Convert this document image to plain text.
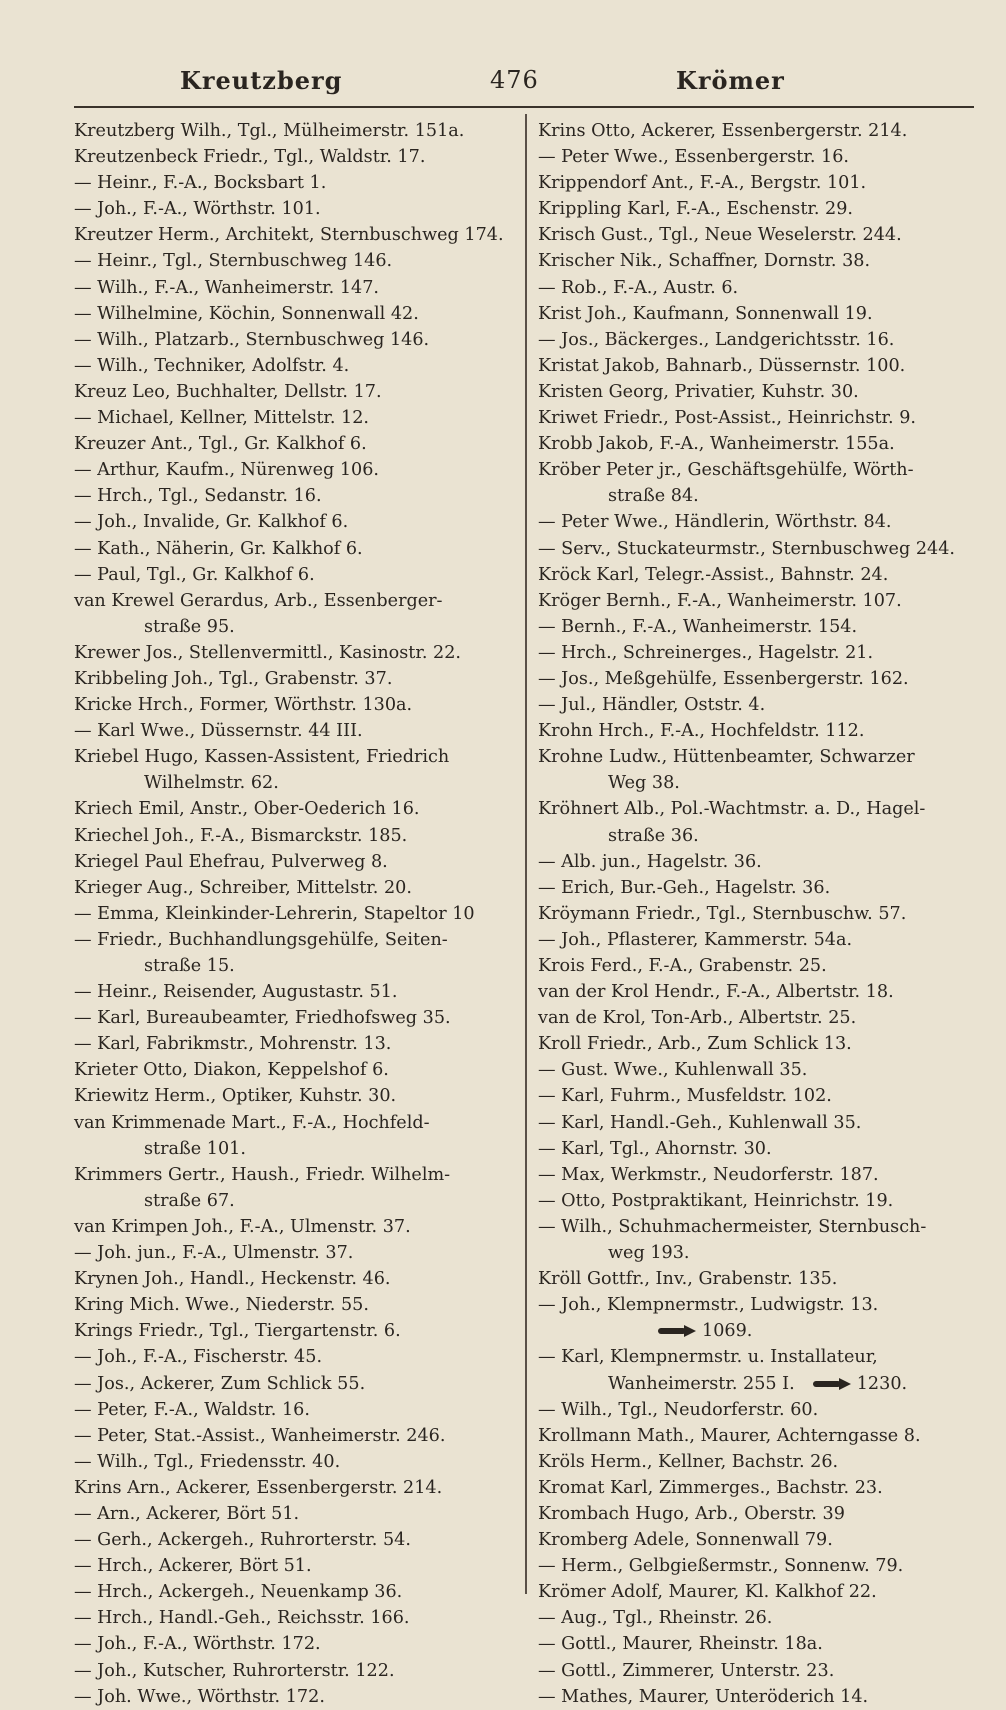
Kreutzberg	476	Krömer
Kreutzberg Wilh., Tgl., Mülheimerstr. 151a.
Kreutzenbeck Friedr., Tgl., Waldstr. 17.
— Heinr., F.-A., Bocksbart 1.
— Joh., F.-A., Wörthstr. 101.
Kreutzer Herm., Architekt, Sternbuschweg 174.
— Heinr., Tgl., Sternbuschweg 146.
— Wilh., F.-A., Wanheimerstr. 147.
— Wilhelmine, Köchin, Sonnenwall 42.
— Wilh., Platzarb., Sternbuschweg 146.
— Wilh., Techniker, Adolfstr. 4.
Kreuz Leo, Buchhalter, Dellstr. 17.
— Michael, Kellner, Mittelstr. 12.
Kreuzer Ant., Tgl., Gr. Kalkhof 6.
— Arthur, Kaufm., Nürenweg 106.
— Hrch., Tgl., Sedanstr. 16.
— Joh., Invalide, Gr. Kalkhof 6.
— Kath., Näherin, Gr. Kalkhof 6.
— Paul, Tgl., Gr. Kalkhof 6.
van Krewel Gerardus, Arb., Essenberger-
straße 95.
Krewer Jos., Stellenvermittl., Kasinostr. 22.
Kribbeling Joh., Tgl., Grabenstr. 37.
Kricke Hrch., Former, Wörthstr. 130a.
— Karl Wwe., Düssernstr. 44 III.
Kriebel Hugo, Kassen-Assistent, Friedrich
Wilhelmstr. 62.
Kriech Emil, Anstr., Ober-Oederich 16.
Kriechel Joh., F.-A., Bismarckstr. 185.
Kriegel Paul Ehefrau, Pulverweg 8.
Krieger Aug., Schreiber, Mittelstr. 20.
— Emma, Kleinkinder-Lehrerin, Stapeltor 10
— Friedr., Buchhandlungsgehülfe, Seiten-
straße 15.
— Heinr., Reisender, Augustastr. 51.
— Karl, Bureaubeamter, Friedhofsweg 35.
— Karl, Fabrikmstr., Mohrenstr. 13.
Krieter Otto, Diakon, Keppelshof 6.
Kriewitz Herm., Optiker, Kuhstr. 30.
van Krimmenade Mart., F.-A., Hochfeld-
straße 101.
Krimmers Gertr., Haush., Friedr. Wilhelm-
straße 67.
van Krimpen Joh., F.-A., Ulmenstr. 37.
— Joh. jun., F.-A., Ulmenstr. 37.
Krynen Joh., Handl., Heckenstr. 46.
Kring Mich. Wwe., Niederstr. 55.
Krings Friedr., Tgl., Tiergartenstr. 6.
— Joh., F.-A., Fischerstr. 45.
— Jos., Ackerer, Zum Schlick 55.
— Peter, F.-A., Waldstr. 16.
— Peter, Stat.-Assist., Wanheimerstr. 246.
— Wilh., Tgl., Friedensstr. 40.
Krins Arn., Ackerer, Essenbergerstr. 214.
— Arn., Ackerer, Bört 51.
— Gerh., Ackergeh., Ruhrorterstr. 54.
— Hrch., Ackerer, Bört 51.
— Hrch., Ackergeh., Neuenkamp 36.
— Hrch., Handl.-Geh., Reichsstr. 166.
— Joh., F.-A., Wörthstr. 172.
— Joh., Kutscher, Ruhrorterstr. 122.
— Joh. Wwe., Wörthstr. 172.
Krins Otto, Ackerer, Essenbergerstr. 214.
— Peter Wwe., Essenbergerstr. 16.
Krippendorf Ant., F.-A., Bergstr. 101.
Krippling Karl, F.-A., Eschenstr. 29.
Krisch Gust., Tgl., Neue Weselerstr. 244.
Krischer Nik., Schaffner, Dornstr. 38.
— Rob., F.-A., Austr. 6.
Krist Joh., Kaufmann, Sonnenwall 19.
— Jos., Bäckerges., Landgerichtsstr. 16.
Kristat Jakob, Bahnarb., Düssernstr. 100.
Kristen Georg, Privatier, Kuhstr. 30.
Kriwet Friedr., Post-Assist., Heinrichstr. 9.
Krobb Jakob, F.-A., Wanheimerstr. 155a.
Kröber Peter jr., Geschäftsgehülfe, Wörth-
straße 84.
— Peter Wwe., Händlerin, Wörthstr. 84.
— Serv., Stuckateurmstr., Sternbuschweg 244.
Kröck Karl, Telegr.-Assist., Bahnstr. 24.
Kröger Bernh., F.-A., Wanheimerstr. 107.
— Bernh., F.-A., Wanheimerstr. 154.
— Hrch., Schreinerges., Hagelstr. 21.
— Jos., Meßgehülfe, Essenbergerstr. 162.
— Jul., Händler, Oststr. 4.
Krohn Hrch., F.-A., Hochfeldstr. 112.
Krohne Ludw., Hüttenbeamter, Schwarzer
Weg 38.
Kröhnert Alb., Pol.-Wachtmstr. a. D., Hagel-
straße 36.
— Alb. jun., Hagelstr. 36.
— Erich, Bur.-Geh., Hagelstr. 36.
Kröymann Friedr., Tgl., Sternbuschw. 57.
— Joh., Pflasterer, Kammerstr. 54a.
Krois Ferd., F.-A., Grabenstr. 25.
van der Krol Hendr., F.-A., Albertstr. 18.
van de Krol, Ton-Arb., Albertstr. 25.
Kroll Friedr., Arb., Zum Schlick 13.
— Gust. Wwe., Kuhlenwall 35.
— Karl, Fuhrm., Musfeldstr. 102.
— Karl, Handl.-Geh., Kuhlenwall 35.
— Karl, Tgl., Ahornstr. 30.
— Max, Werkmstr., Neudorferstr. 187.
— Otto, Postpraktikant, Heinrichstr. 19.
— Wilh., Schuhmachermeister, Sternbusch-
weg 193.
Kröll Gottfr., Inv., Grabenstr. 135.
— Joh., Klempnermstr., Ludwigstr. 13.
1069.
— Karl, Klempnermstr. u. Installateur,
Wanheimerstr. 255 I.	1230.
— Wilh., Tgl., Neudorferstr. 60.
Krollmann Math., Maurer, Achterngasse 8.
Kröls Herm., Kellner, Bachstr. 26.
Kromat Karl, Zimmerges., Bachstr. 23.
Krombach Hugo, Arb., Oberstr. 39
Kromberg Adele, Sonnenwall 79.
— Herm., Gelbgießermstr., Sonnenw. 79.
Krömer Adolf, Maurer, Kl. Kalkhof 22.
— Aug., Tgl., Rheinstr. 26.
— Gottl., Maurer, Rheinstr. 18a.
— Gottl., Zimmerer, Unterstr. 23.
— Mathes, Maurer, Unteröderich 14.
